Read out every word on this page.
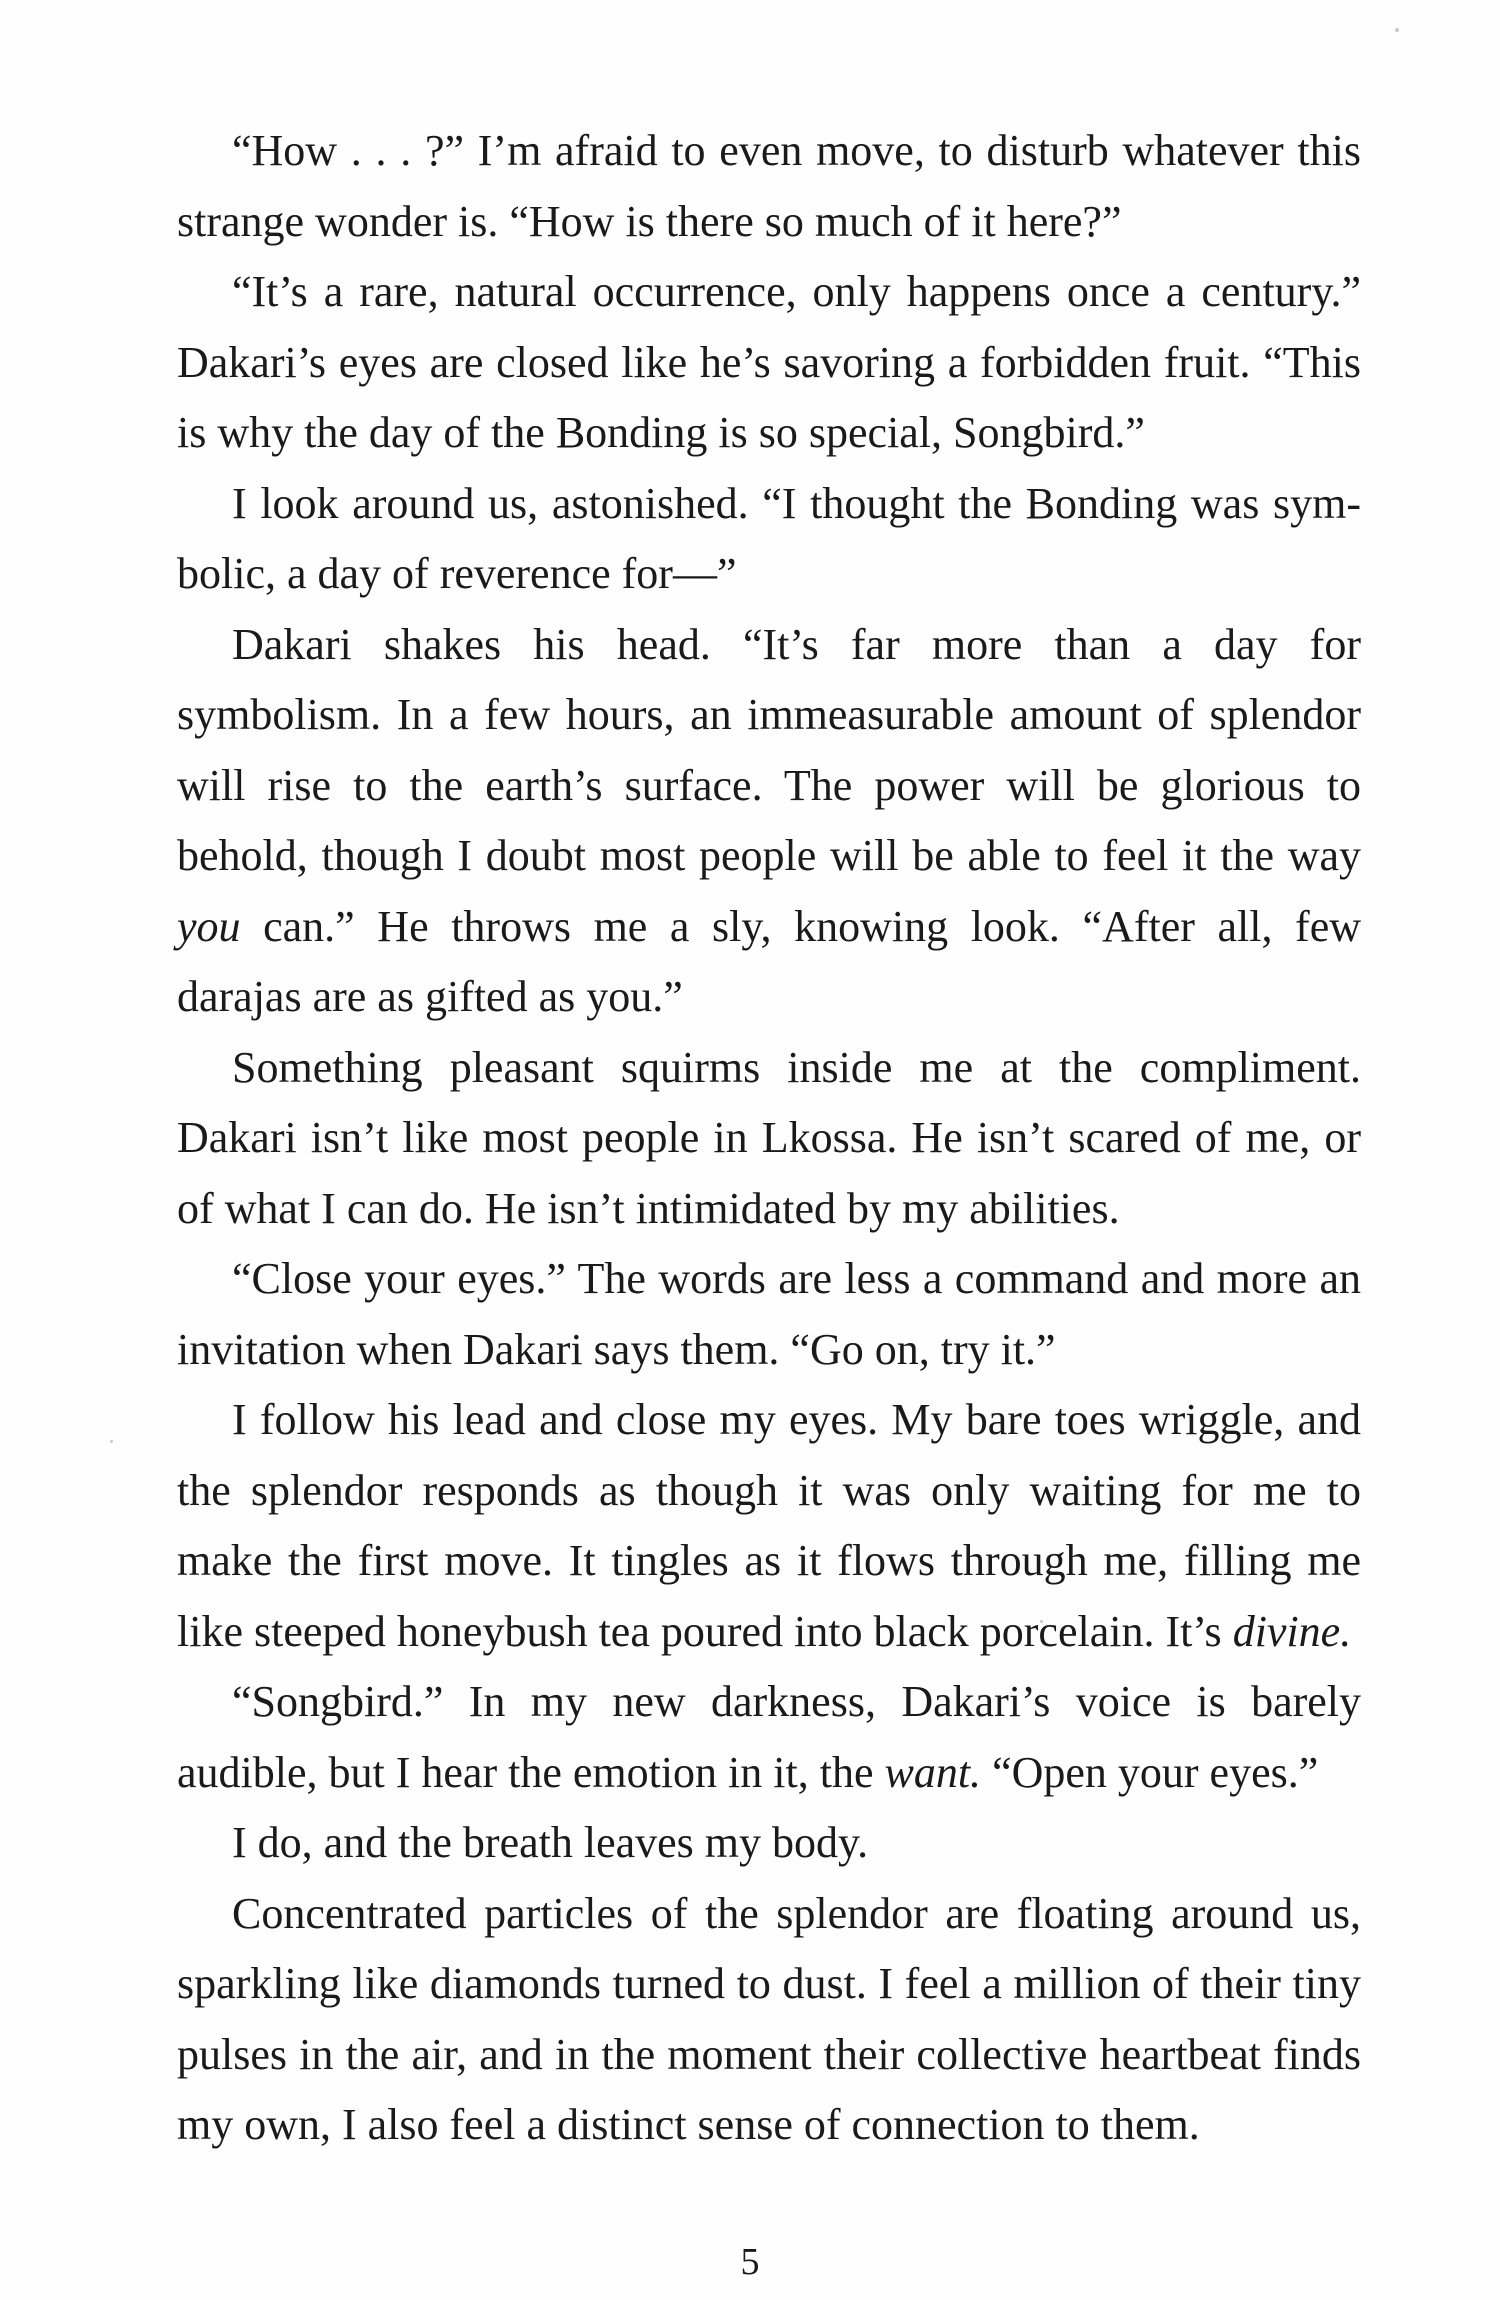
“How . . . ?” I’m afraid to even move, to disturb whatever this strange wonder is. “How is there so much of it here?”

“It’s a rare, natural occurrence, only happens once a century.” Dakari’s eyes are closed like he’s savoring a forbidden fruit. “This is why the day of the Bonding is so special, Songbird.”

I look around us, astonished. “I thought the Bonding was symbolic, a day of reverence for—”

Dakari shakes his head. “It’s far more than a day for symbolism. In a few hours, an immeasurable amount of splendor will rise to the earth’s surface. The power will be glorious to behold, though I doubt most people will be able to feel it the way you can.” He throws me a sly, knowing look. “After all, few darajas are as gifted as you.”

Something pleasant squirms inside me at the compliment. Dakari isn’t like most people in Lkossa. He isn’t scared of me, or of what I can do. He isn’t intimidated by my abilities.

“Close your eyes.” The words are less a command and more an invitation when Dakari says them. “Go on, try it.”

I follow his lead and close my eyes. My bare toes wriggle, and the splendor responds as though it was only waiting for me to make the first move. It tingles as it flows through me, filling me like steeped honeybush tea poured into black porcelain. It’s divine.

“Songbird.” In my new darkness, Dakari’s voice is barely audible, but I hear the emotion in it, the want. “Open your eyes.”

I do, and the breath leaves my body.

Concentrated particles of the splendor are floating around us, sparkling like diamonds turned to dust. I feel a million of their tiny pulses in the air, and in the moment their collective heartbeat finds my own, I also feel a distinct sense of connection to them.

5
